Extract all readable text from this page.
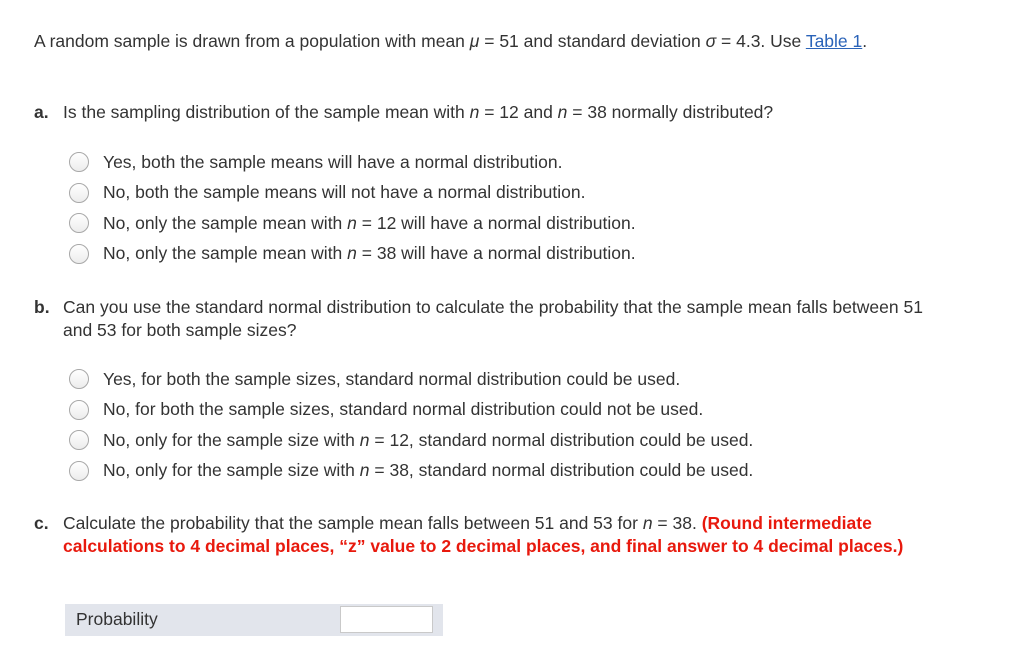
A random sample is drawn from a population with mean μ = 51 and standard deviation σ = 4.3. Use Table 1.
a. Is the sampling distribution of the sample mean with n = 12 and n = 38 normally distributed?
Yes, both the sample means will have a normal distribution.
No, both the sample means will not have a normal distribution.
No, only the sample mean with n = 12 will have a normal distribution.
No, only the sample mean with n = 38 will have a normal distribution.
b. Can you use the standard normal distribution to calculate the probability that the sample mean falls between 51 and 53 for both sample sizes?
Yes, for both the sample sizes, standard normal distribution could be used.
No, for both the sample sizes, standard normal distribution could not be used.
No, only for the sample size with n = 12, standard normal distribution could be used.
No, only for the sample size with n = 38, standard normal distribution could be used.
c. Calculate the probability that the sample mean falls between 51 and 53 for n = 38. (Round intermediate calculations to 4 decimal places, “z” value to 2 decimal places, and final answer to 4 decimal places.)
Probability
